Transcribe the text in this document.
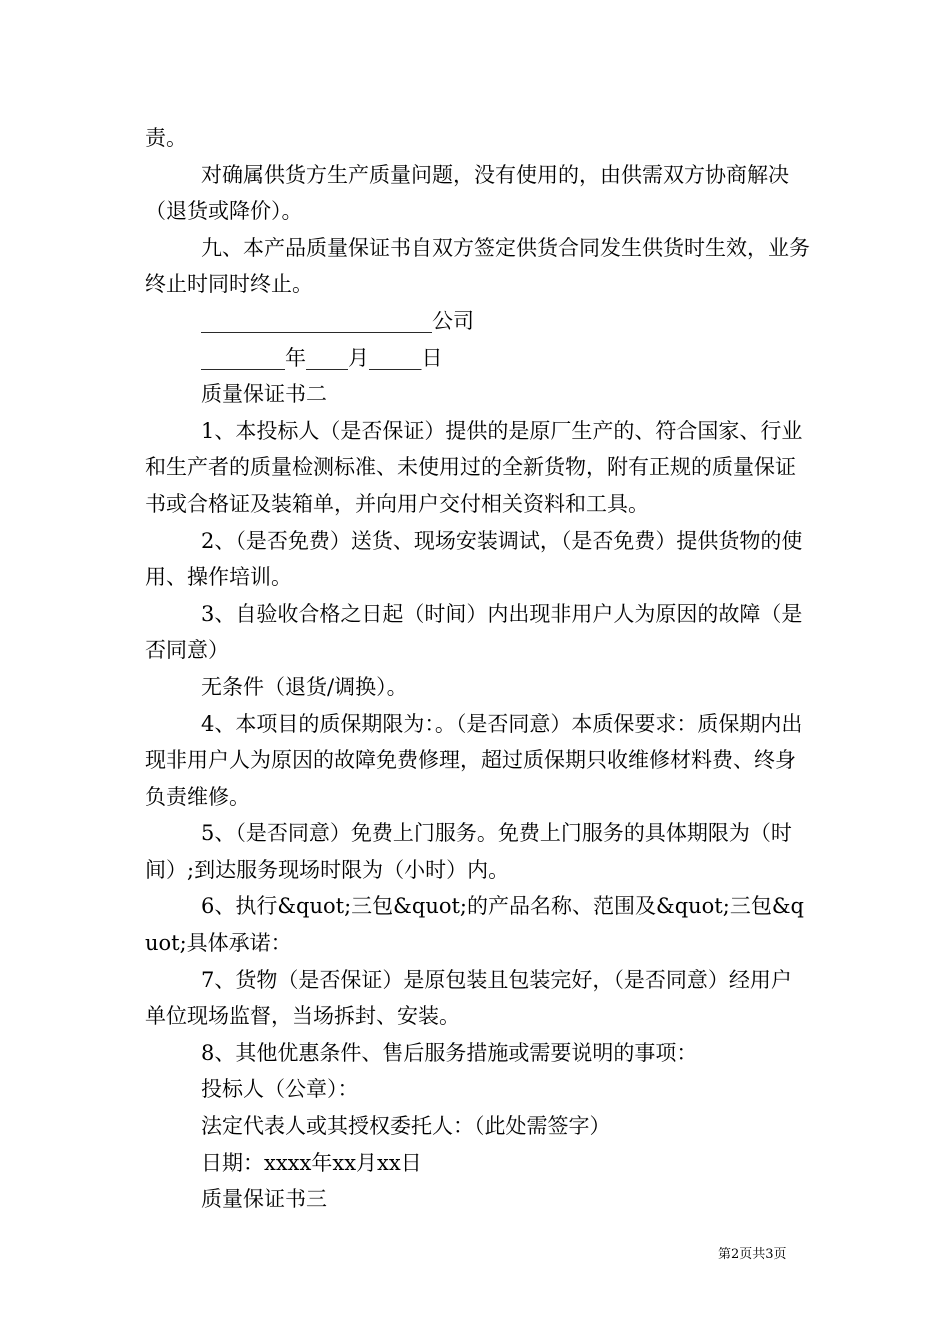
责。

对确属供货方生产质量问题，没有使用的，由供需双方协商解决（退货或降价）。

九、本产品质量保证书自双方签定供货合同发生供货时生效，业务终止时同时终止。

______________________公司

________年____月_____日

质量保证书二

1、本投标人（是否保证）提供的是原厂生产的、符合国家、行业和生产者的质量检测标准、未使用过的全新货物，附有正规的质量保证书或合格证及装箱单，并向用户交付相关资料和工具。

2、（是否免费）送货、现场安装调试，（是否免费）提供货物的使用、操作培训。

3、自验收合格之日起（时间）内出现非用户人为原因的故障（是否同意）

无条件（退货/调换）。

4、本项目的质保期限为：。（是否同意）本质保要求：质保期内出现非用户人为原因的故障免费修理，超过质保期只收维修材料费、终身负责维修。

5、（是否同意）免费上门服务。免费上门服务的具体期限为（时间）;到达服务现场时限为（小时）内。

6、执行&quot;三包&quot;的产品名称、范围及&quot;三包&quot;具体承诺：

7、货物（是否保证）是原包装且包装完好，（是否同意）经用户单位现场监督，当场拆封、安装。

8、其他优惠条件、售后服务措施或需要说明的事项：

投标人（公章）：

法定代表人或其授权委托人：（此处需签字）

日期：xxxx年xx月xx日

质量保证书三

第2页共3页
